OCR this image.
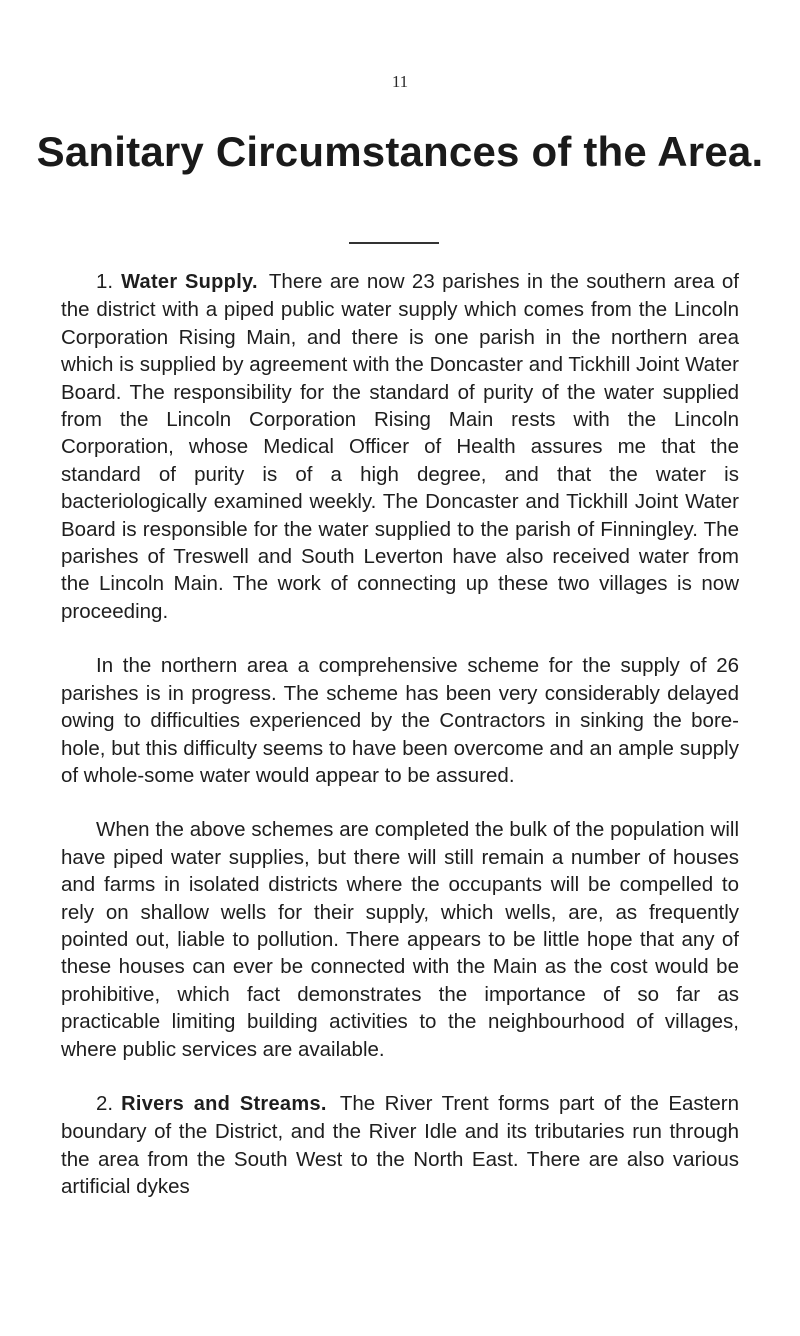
11
Sanitary Circumstances of the Area.

1. Water Supply. There are now 23 parishes in the southern area of the district with a piped public water supply which comes from the Lincoln Corporation Rising Main, and there is one parish in the northern area which is supplied by agreement with the Doncaster and Tickhill Joint Water Board. The responsibility for the standard of purity of the water supplied from the Lincoln Corporation Rising Main rests with the Lincoln Corporation, whose Medical Officer of Health assures me that the standard of purity is of a high degree, and that the water is bacteriologically examined weekly. The Doncaster and Tickhill Joint Water Board is responsible for the water supplied to the parish of Finningley. The parishes of Treswell and South Leverton have also received water from the Lincoln Main. The work of connecting up these two villages is now proceeding.

In the northern area a comprehensive scheme for the supply of 26 parishes is in progress. The scheme has been very considerably delayed owing to difficulties experienced by the Contractors in sinking the bore-hole, but this difficulty seems to have been overcome and an ample supply of whole-some water would appear to be assured.

When the above schemes are completed the bulk of the population will have piped water supplies, but there will still remain a number of houses and farms in isolated districts where the occupants will be compelled to rely on shallow wells for their supply, which wells, are, as frequently pointed out, liable to pollution. There appears to be little hope that any of these houses can ever be connected with the Main as the cost would be prohibitive, which fact demonstrates the importance of so far as practicable limiting building activities to the neighbourhood of villages, where public services are available.

2. Rivers and Streams. The River Trent forms part of the Eastern boundary of the District, and the River Idle and its tributaries run through the area from the South West to the North East. There are also various artificial dykes
